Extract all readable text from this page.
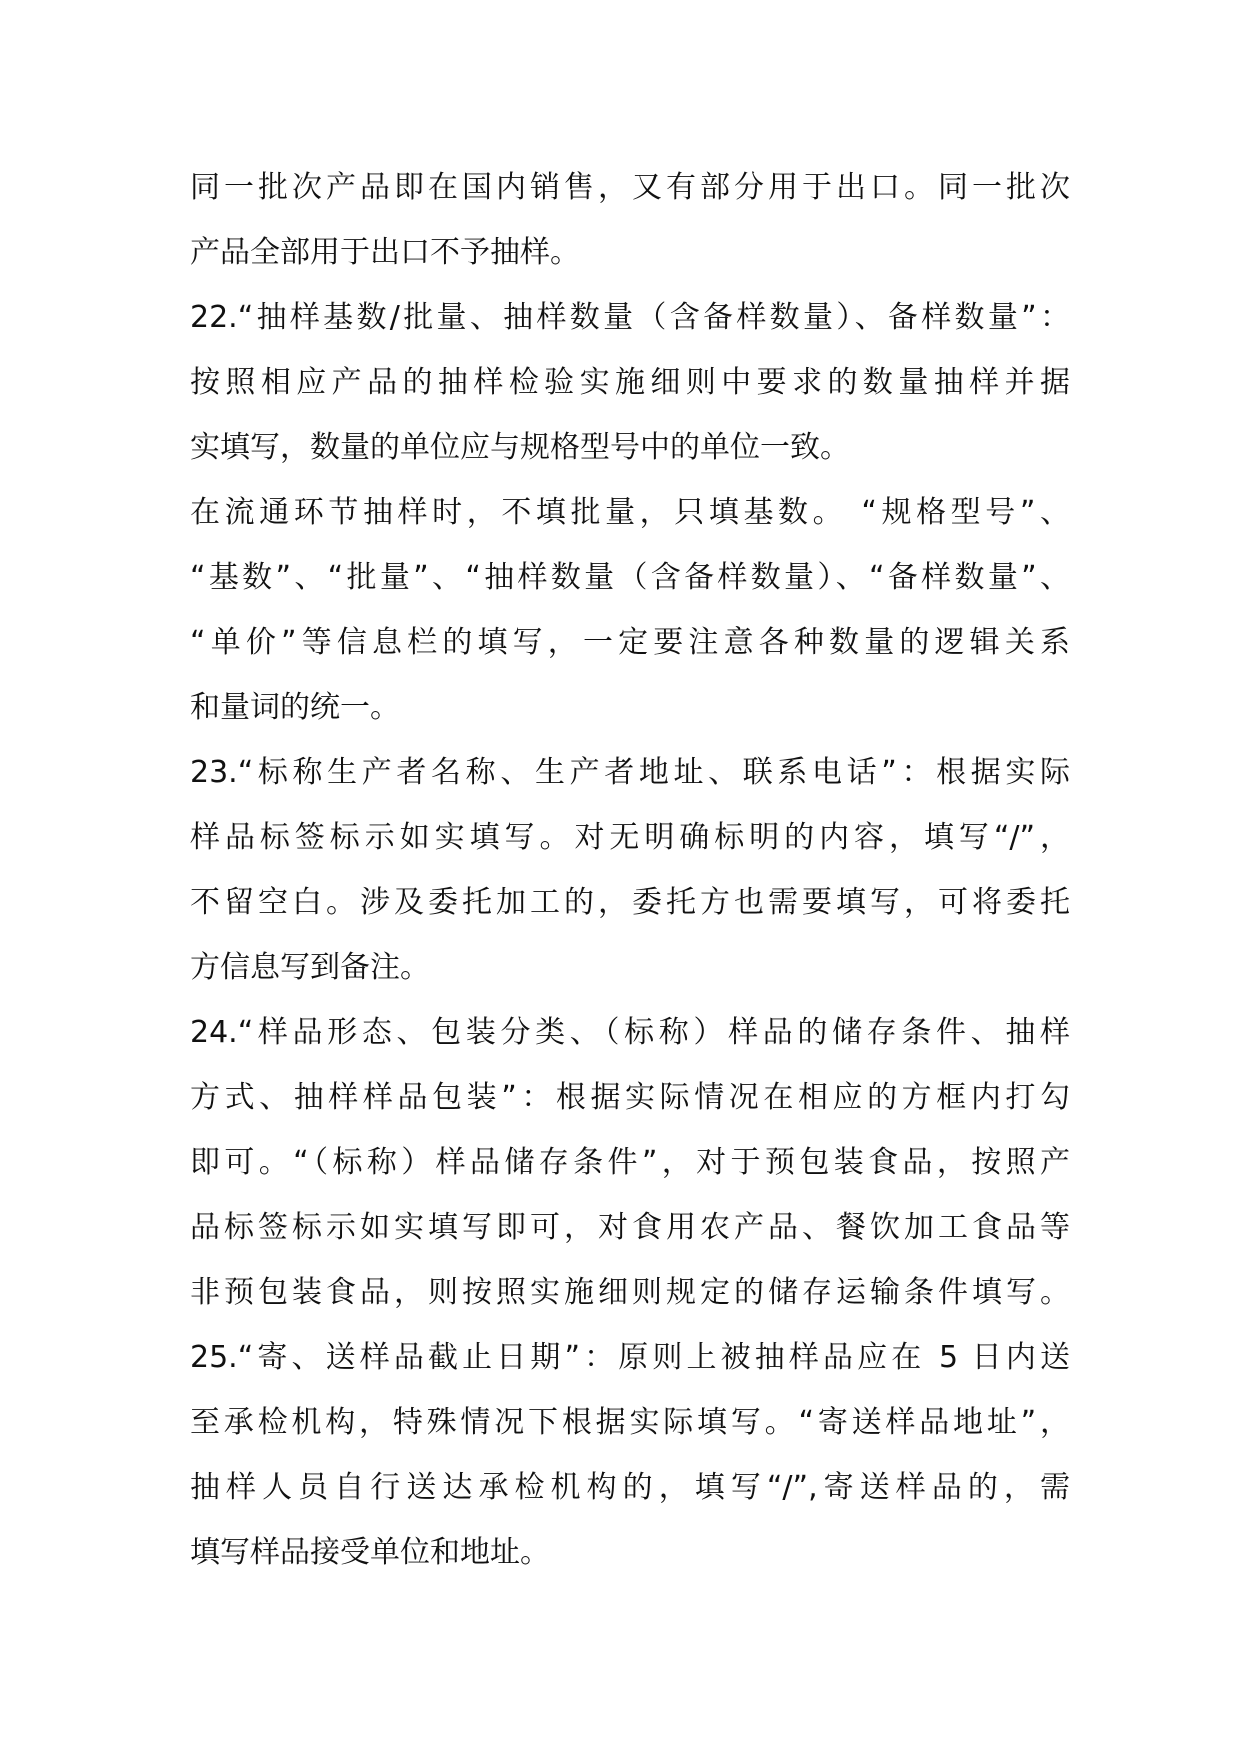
同一批次产品即在国内销售，又有部分用于出口。同一批次
产品全部用于出口不予抽样。
22.“抽样基数/批量、抽样数量（含备样数量）、备样数量”：
按照相应产品的抽样检验实施细则中要求的数量抽样并据
实填写，数量的单位应与规格型号中的单位一致。
在流通环节抽样时，不填批量，只填基数。 “规格型号”、
“基数”、“批量”、“抽样数量（含备样数量）、“备样数量”、
“单价”等信息栏的填写，一定要注意各种数量的逻辑关系
和量词的统一。
23.“标称生产者名称、生产者地址、联系电话”：根据实际
样品标签标示如实填写。对无明确标明的内容，填写“/”，
不留空白。涉及委托加工的，委托方也需要填写，可将委托
方信息写到备注。
24.“样品形态、包装分类、（标称）样品的储存条件、抽样
方式、抽样样品包装”：根据实际情况在相应的方框内打勾
即可。“（标称）样品储存条件”，对于预包装食品，按照产
品标签标示如实填写即可，对食用农产品、餐饮加工食品等
非预包装食品，则按照实施细则规定的储存运输条件填写。
25.“寄、送样品截止日期”：原则上被抽样品应在 5 日内送
至承检机构，特殊情况下根据实际填写。“寄送样品地址”，
抽样人员自行送达承检机构的，填写“/”,寄送样品的，需
填写样品接受单位和地址。
